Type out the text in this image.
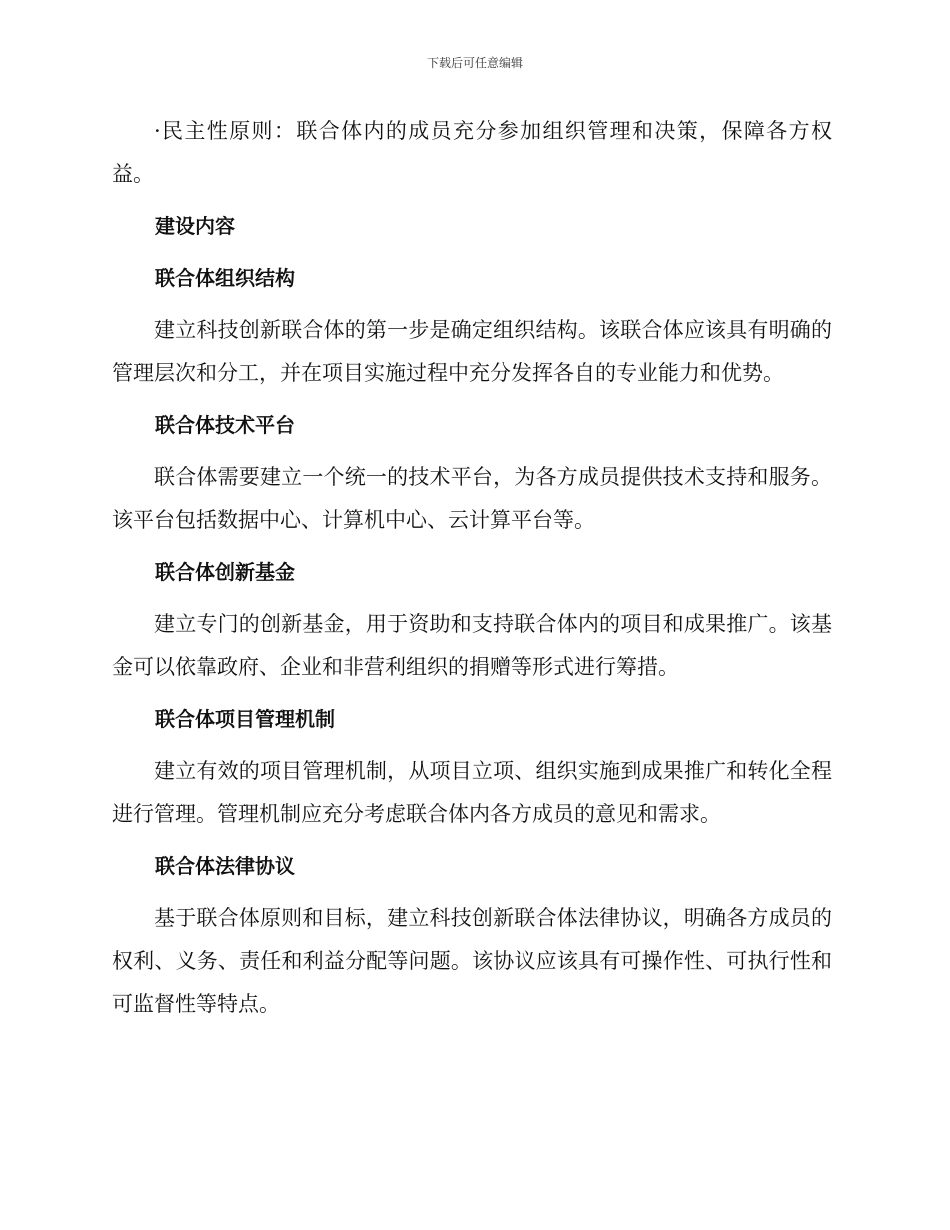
下载后可任意编辑

·民主性原则：联合体内的成员充分参加组织管理和决策，保障各方权益。

建设内容
联合体组织结构

建立科技创新联合体的第一步是确定组织结构。该联合体应该具有明确的管理层次和分工，并在项目实施过程中充分发挥各自的专业能力和优势。

联合体技术平台

联合体需要建立一个统一的技术平台，为各方成员提供技术支持和服务。该平台包括数据中心、计算机中心、云计算平台等。

联合体创新基金

建立专门的创新基金，用于资助和支持联合体内的项目和成果推广。该基金可以依靠政府、企业和非营利组织的捐赠等形式进行筹措。

联合体项目管理机制

建立有效的项目管理机制，从项目立项、组织实施到成果推广和转化全程进行管理。管理机制应充分考虑联合体内各方成员的意见和需求。

联合体法律协议

基于联合体原则和目标，建立科技创新联合体法律协议，明确各方成员的权利、义务、责任和利益分配等问题。该协议应该具有可操作性、可执行性和可监督性等特点。
